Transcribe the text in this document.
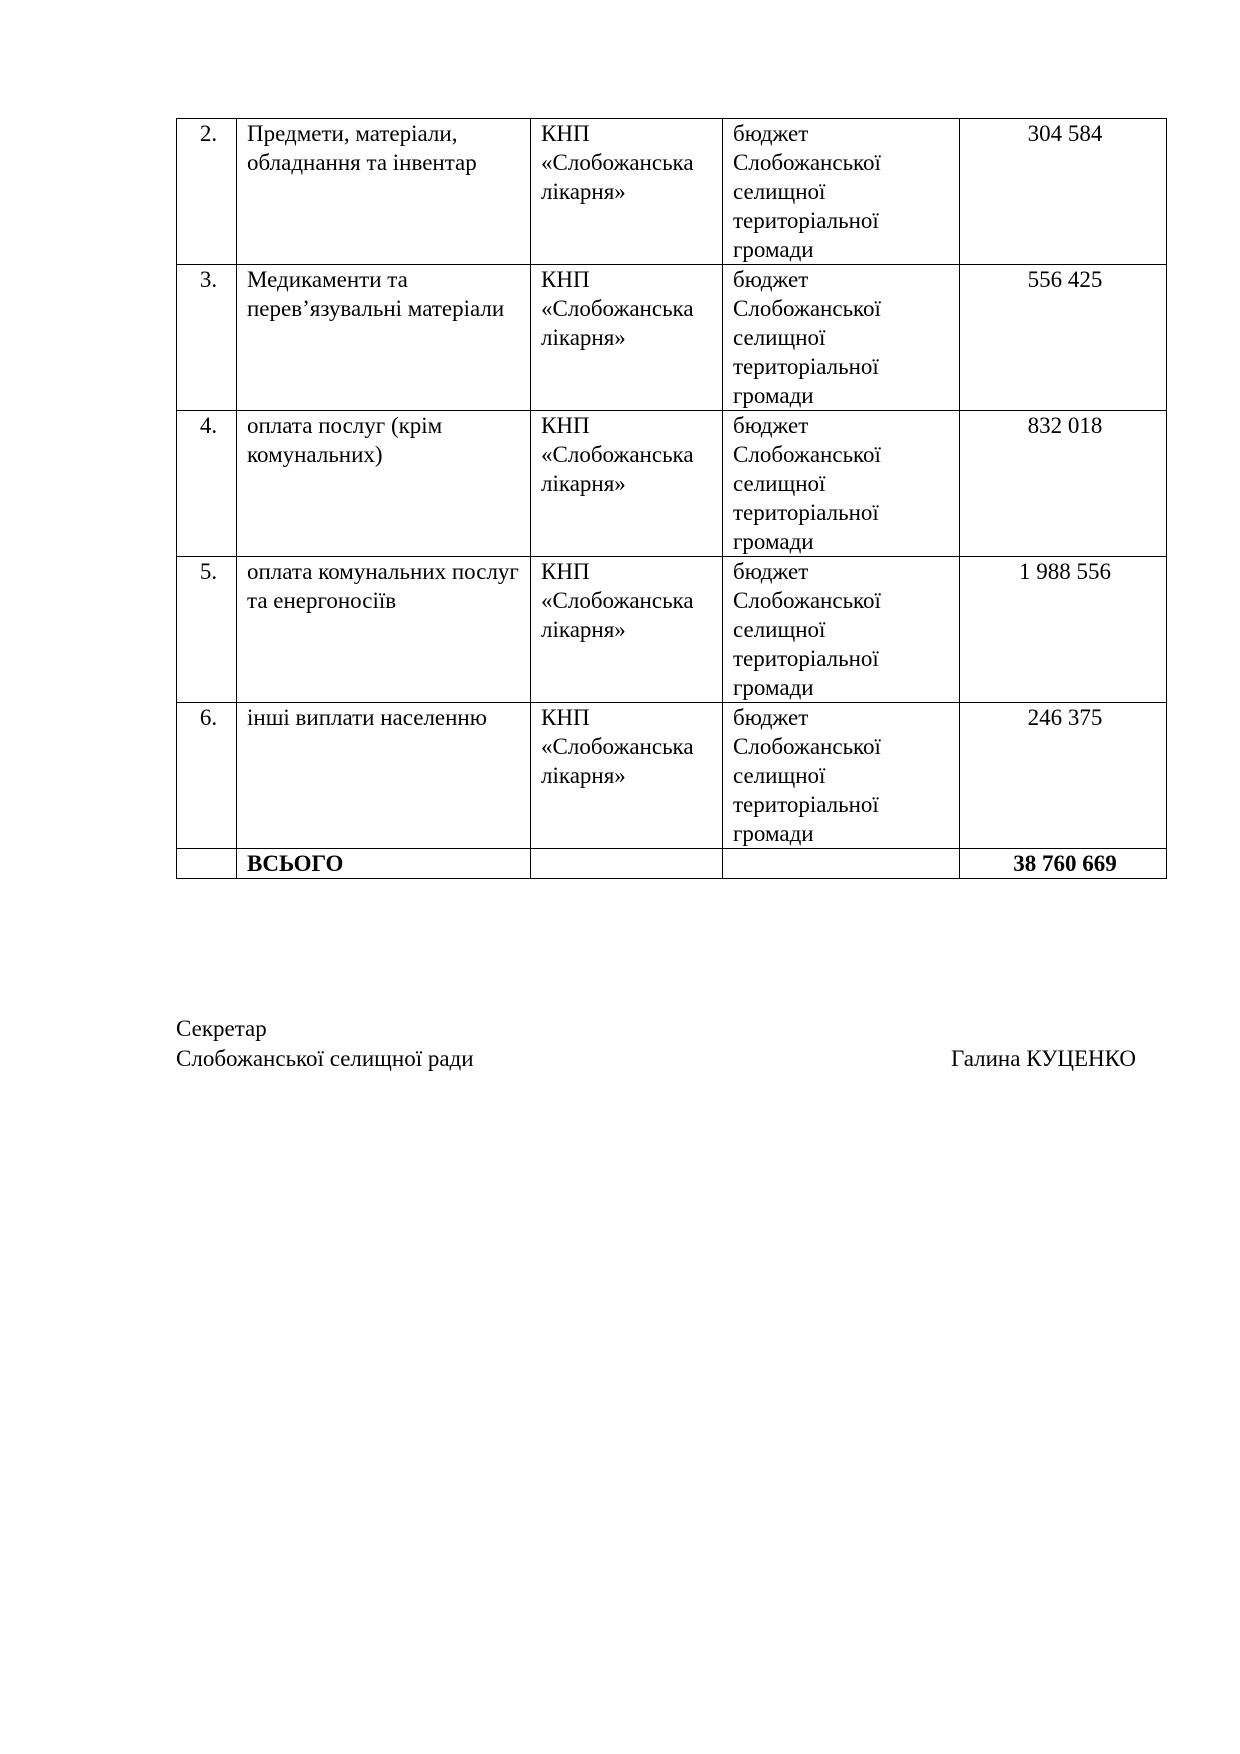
2.	Предмети, матеріали, обладнання та інвентар	КНП «Слобожанська лікарня»	бюджет Слобожанської селищної територіальної громади	304 584
3.	Медикаменти та перев’язувальні матеріали	КНП «Слобожанська лікарня»	бюджет Слобожанської селищної територіальної громади	556 425
4.	оплата послуг (крім комунальних)	КНП «Слобожанська лікарня»	бюджет Слобожанської селищної територіальної громади	832 018
5.	оплата комунальних послуг та енергоносіїв	КНП «Слобожанська лікарня»	бюджет Слобожанської селищної територіальної громади	1 988 556
6.	інші виплати населенню	КНП «Слобожанська лікарня»	бюджет Слобожанської селищної територіальної громади	246 375
	ВСЬОГО			38 760 669
Секретар
Слобожанської селищної ради	Галина КУЦЕНКО
